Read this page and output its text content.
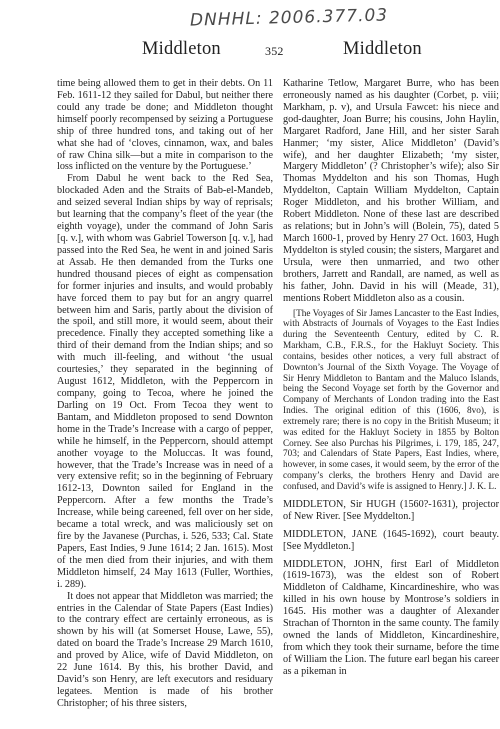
DNHHL: 2006.377.03
Middleton	352	Middleton

time being allowed them to get in their debts. On 11 Feb. 1611-12 they sailed for Dabul, but neither there could any trade be done; and Middleton thought himself poorly recompensed by seizing a Portuguese ship of three hundred tons, and taking out of her what she had of ‘cloves, cinnamon, wax, and bales of raw China silk—but a mite in comparison to the loss inflicted on the venture by the Portuguese.’

From Dabul he went back to the Red Sea, blockaded Aden and the Straits of Bab-el-Mandeb, and seized several Indian ships by way of reprisals; but learning that the company’s fleet of the year (the eighth voyage), under the command of John Saris [q. v.], with whom was Gabriel Towerson [q. v.], had passed into the Red Sea, he went in and joined Saris at Assab. He then demanded from the Turks one hundred thousand pieces of eight as compensation for former injuries and insults, and would probably have forced them to pay but for an angry quarrel between him and Saris, partly about the division of the spoil, and still more, it would seem, about their precedence. Finally they accepted something like a third of their demand from the Indian ships; and so with much ill-feeling, and without ‘the usual courtesies,’ they separated in the beginning of August 1612, Middleton, with the Peppercorn in company, going to Tecoa, where he joined the Darling on 19 Oct. From Tecoa they went to Bantam, and Middleton proposed to send Downton home in the Trade’s Increase with a cargo of pepper, while he himself, in the Peppercorn, should attempt another voyage to the Moluccas. It was found, however, that the Trade’s Increase was in need of a very extensive refit; so in the beginning of February 1612-13, Downton sailed for England in the Peppercorn. After a few months the Trade’s Increase, while being careened, fell over on her side, became a total wreck, and was maliciously set on fire by the Javanese (Purchas, i. 526, 533; Cal. State Papers, East Indies, 9 June 1614; 2 Jan. 1615). Most of the men died from their injuries, and with them Middleton himself, 24 May 1613 (Fuller, Worthies, i. 289).

It does not appear that Middleton was married; the entries in the Calendar of State Papers (East Indies) to the contrary effect are certainly erroneous, as is shown by his will (at Somerset House, Lawe, 55), dated on board the Trade’s Increase 29 March 1610, and proved by Alice, wife of David Middleton, on 22 June 1614. By this, his brother David, and David’s son Henry, are left executors and residuary legatees. Mention is made of his brother Christopher; of his three sisters,

Katharine Tetlow, Margaret Burre, who has been erroneously named as his daughter (Corbet, p. viii; Markham, p. v), and Ursula Fawcet: his niece and god-daughter, Joan Burre; his cousins, John Haylin, Margaret Radford, Jane Hill, and her sister Sarah Hanmer; ‘my sister, Alice Middleton’ (David’s wife), and her daughter Elizabeth; ‘my sister, Margery Middleton’ (? Christopher’s wife); also Sir Thomas Myddelton and his son Thomas, Hugh Myddelton, Captain William Myddelton, Captain Roger Middleton, and his brother William, and Robert Middleton. None of these last are described as relations; but in John’s will (Bolein, 75), dated 5 March 1600-1, proved by Henry 27 Oct. 1603, Hugh Myddelton is styled cousin; the sisters, Margaret and Ursula, were then unmarried, and two other brothers, Jarrett and Randall, are named, as well as his father, John. David in his will (Meade, 31), mentions Robert Middleton also as a cousin.

[The Voyages of Sir James Lancaster to the East Indies, with Abstracts of Journals of Voyages to the East Indies during the Seventeenth Century, edited by C. R. Markham, C.B., F.R.S., for the Hakluyt Society. This contains, besides other notices, a very full abstract of Downton’s Journal of the Sixth Voyage. The Voyage of Sir Henry Middleton to Bantam and the Maluco Islands, being the Second Voyage set forth by the Governor and Company of Merchants of London trading into the East Indies. The original edition of this (1606, 8vo), is extremely rare; there is no copy in the British Museum; it was edited for the Hakluyt Society in 1855 by Bolton Corney. See also Purchas his Pilgrimes, i. 179, 185, 247, 703; and Calendars of State Papers, East Indies, where, however, in some cases, it would seem, by the error of the company’s clerks, the brothers Henry and David are confused, and David’s wife is assigned to Henry.] J. K. L.

MIDDLETON, Sir HUGH (1560?-1631), projector of New River. [See Myddelton.]

MIDDLETON, JANE (1645-1692), court beauty. [See Myddleton.]

MIDDLETON, JOHN, first Earl of Middleton (1619-1673), was the eldest son of Robert Middleton of Caldhame, Kincardineshire, who was killed in his own house by Montrose’s soldiers in 1645. His mother was a daughter of Alexander Strachan of Thornton in the same county. The family owned the lands of Middleton, Kincardineshire, from which they took their surname, before the time of William the Lion. The future earl began his career as a pikeman in
